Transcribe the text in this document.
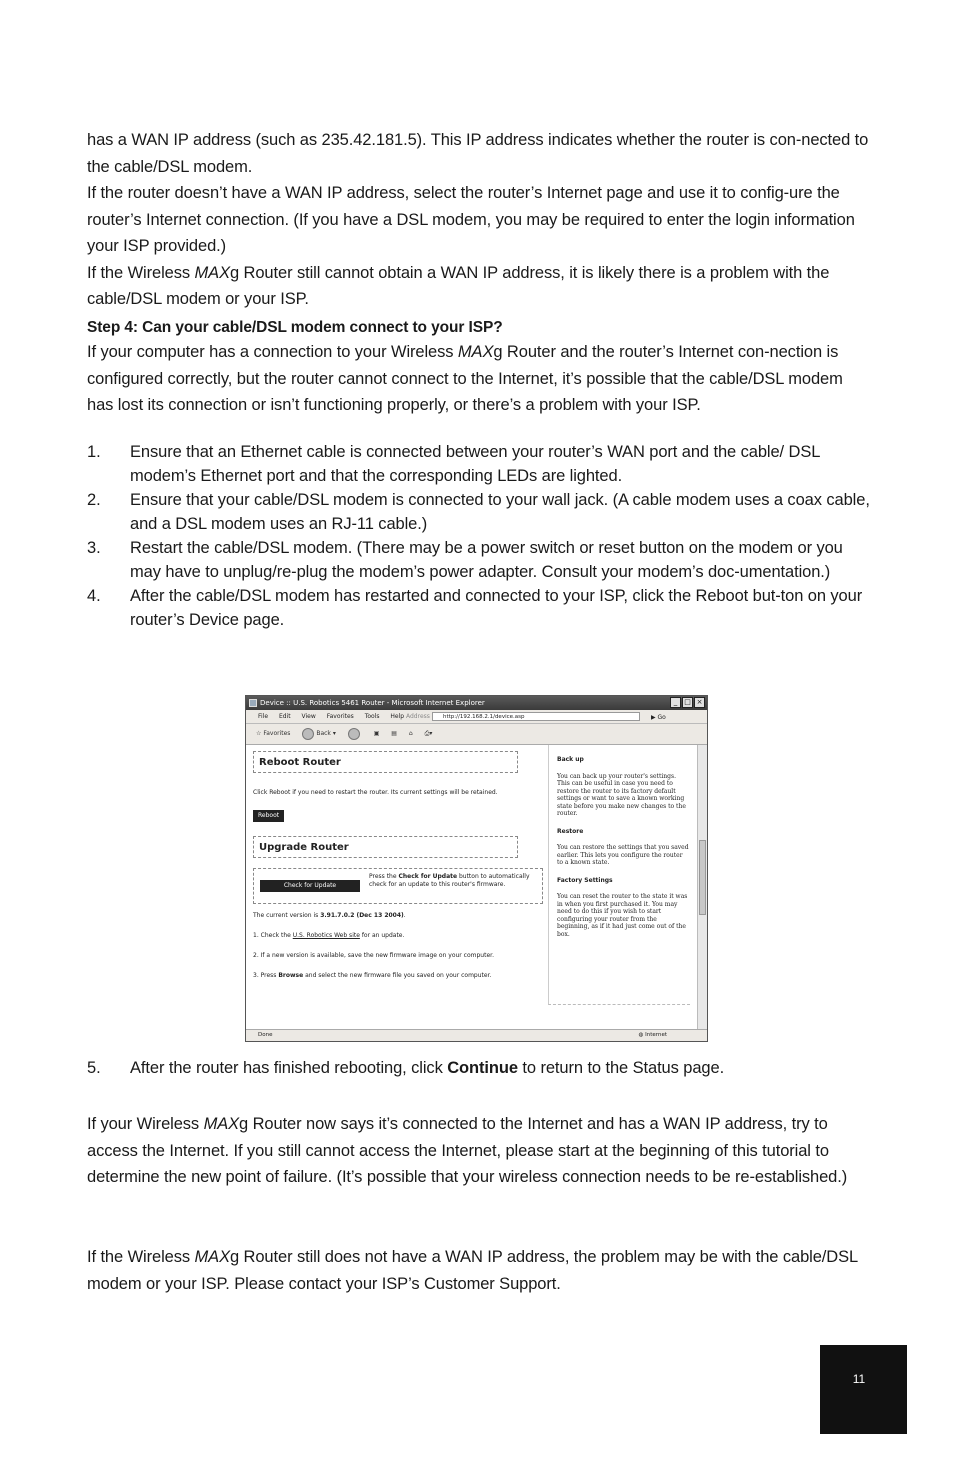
has a WAN IP address (such as 235.42.181.5). This IP address indicates whether the router is con-nected to the cable/DSL modem.

If the router doesn’t have a WAN IP address, select the router’s Internet page and use it to config-ure the router’s Internet connection. (If you have a DSL modem, you may be required to enter the login information your ISP provided.)

If the Wireless MAXg Router still cannot obtain a WAN IP address, it is likely there is a problem with the cable/DSL modem or your ISP.

Step 4: Can your cable/DSL modem connect to your ISP?

If your computer has a connection to your Wireless MAXg Router and the router’s Internet con-nection is configured correctly, but the router cannot connect to the Internet, it’s possible that the cable/DSL modem has lost its connection or isn’t functioning properly, or there’s a problem with your ISP.

1. Ensure that an Ethernet cable is connected between your router’s WAN port and the cable/ DSL modem’s Ethernet port and that the corresponding LEDs are lighted.
2. Ensure that your cable/DSL modem is connected to your wall jack. (A cable modem uses a coax cable, and a DSL modem uses an RJ-11 cable.)
3. Restart the cable/DSL modem. (There may be a power switch or reset button on the modem or you may have to unplug/re-plug the modem’s power adapter. Consult your modem’s doc-umentation.)
4. After the cable/DSL modem has restarted and connected to your ISP, click the Reboot but-ton on your router’s Device page.
Device :: U.S. Robotics 5461 Router - Microsoft Internet Explorer	_ □ ×
File Edit View Favorites Tools Help Address	http://192.168.2.1/device.asp	▶ Go
☆ Favorites	Back ▾	▣ ▤ ⌂ ⎙▾
Reboot Router

Click Reboot if you need to restart the router. Its current settings will be retained.

Reboot
Upgrade Router
Check for Update
Press the Check for Update button to automatically check for an update to this router's firmware.

The current version is 3.91.7.0.2 (Dec 13 2004).

1. Check the U.S. Robotics Web site for an update.

2. If a new version is available, save the new firmware image on your computer.

3. Press Browse and select the new firmware file you saved on your computer.

Back up

You can back up your router's settings. This can be useful in case you need to restore the router to its factory default settings or want to save a known working state before you make new changes to the router.

Restore

You can restore the settings that you saved earlier. This lets you configure the router to a known state.

Factory Settings

You can reset the router to the state it was in when you first purchased it. You may need to do this if you wish to start configuring your router from the beginning, as if it had just come out of the box.

Done	◍ Internet
5. After the router has finished rebooting, click Continue to return to the Status page.

If your Wireless MAXg Router now says it’s connected to the Internet and has a WAN IP address, try to access the Internet. If you still cannot access the Internet, please start at the beginning of this tutorial to determine the new point of failure. (It’s possible that your wireless connection needs to be re-established.)

If the Wireless MAXg Router still does not have a WAN IP address, the problem may be with the cable/DSL modem or your ISP. Please contact your ISP’s Customer Support.

11
